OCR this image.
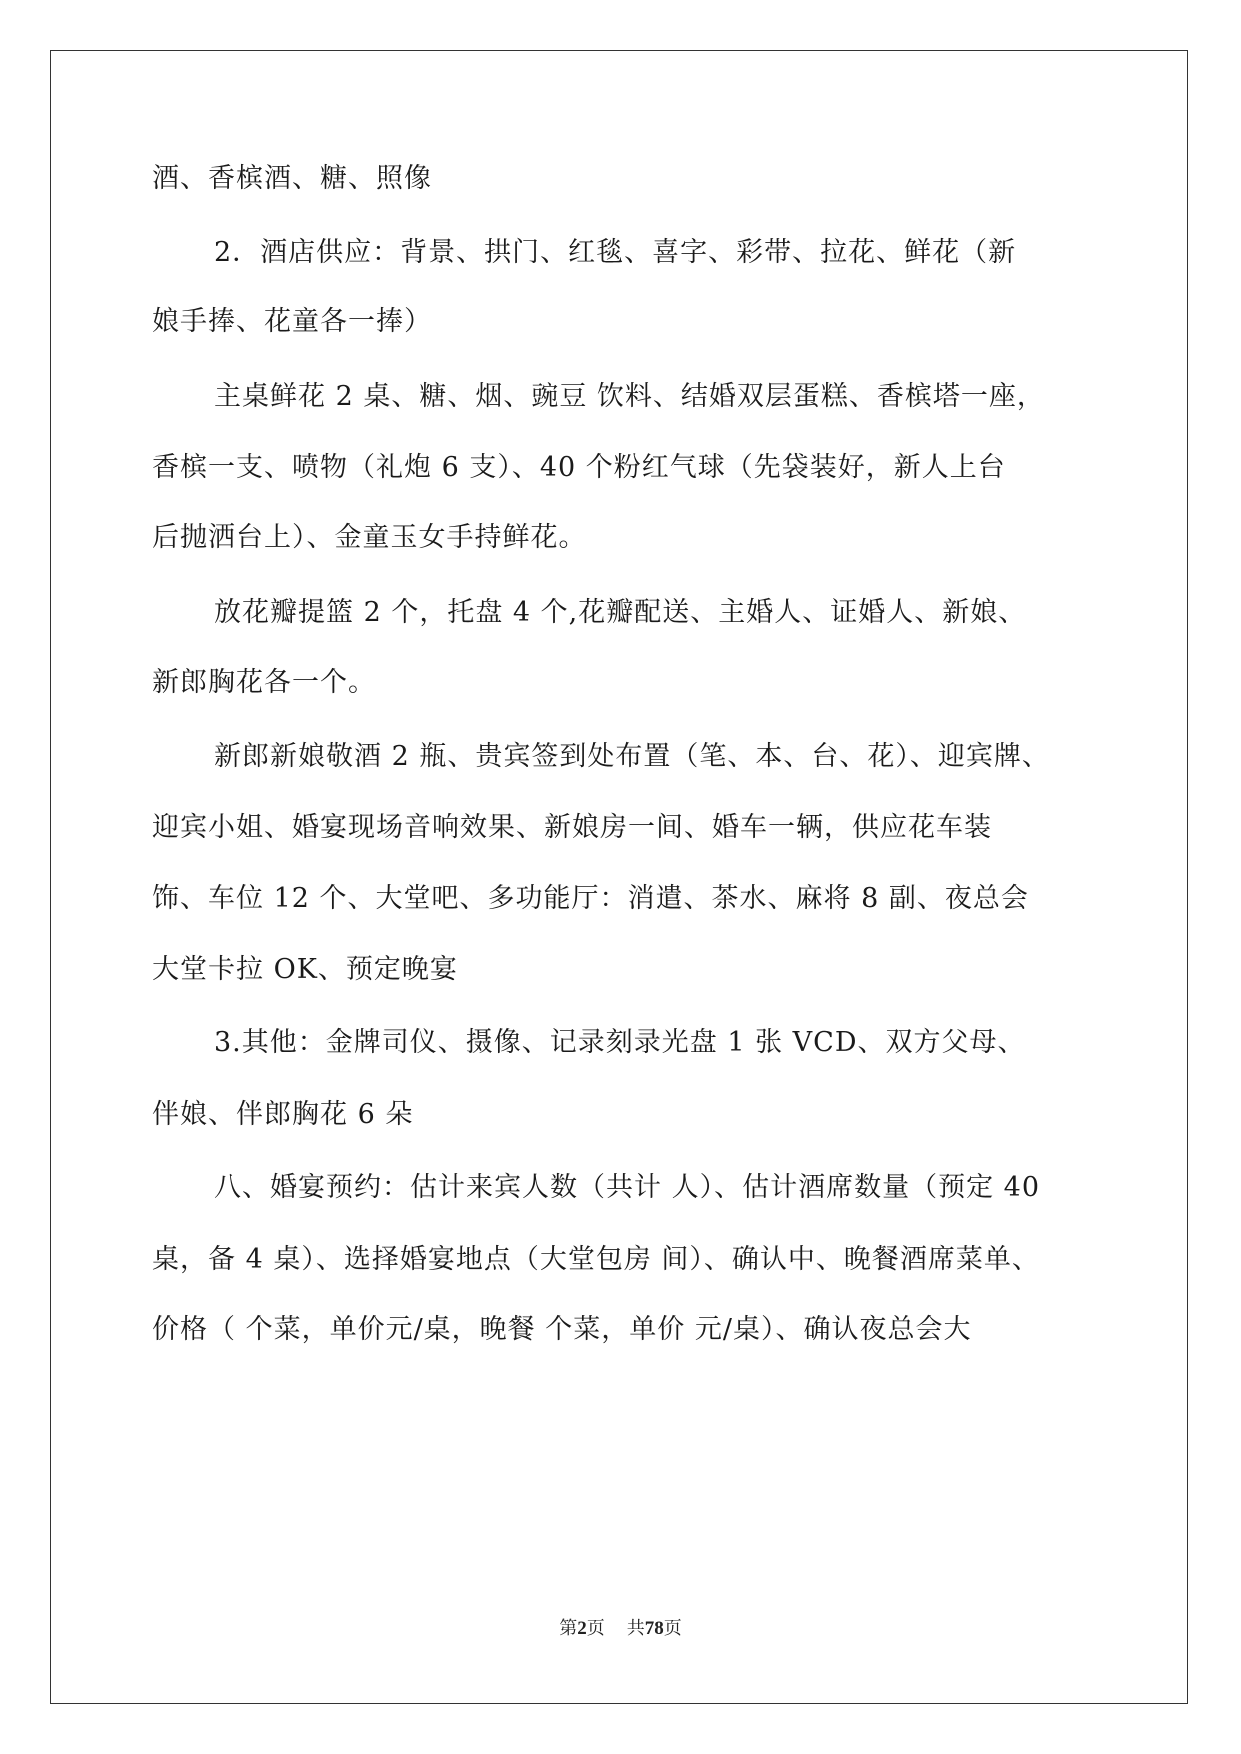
酒、香槟酒、糖、照像
2．酒店供应：背景、拱门、红毯、喜字、彩带、拉花、鲜花（新
娘手捧、花童各一捧）
主桌鲜花 2 桌、糖、烟、豌豆 饮料、结婚双层蛋糕、香槟塔一座，
香槟一支、喷物（礼炮 6 支）、40 个粉红气球（先袋装好，新人上台
后抛洒台上）、金童玉女手持鲜花。
放花瓣提篮 2 个，托盘 4 个,花瓣配送、主婚人、证婚人、新娘、
新郎胸花各一个。
新郎新娘敬酒 2 瓶、贵宾签到处布置（笔、本、台、花）、迎宾牌、
迎宾小姐、婚宴现场音响效果、新娘房一间、婚车一辆，供应花车装
饰、车位 12 个、大堂吧、多功能厅：消遣、茶水、麻将 8 副、夜总会
大堂卡拉 OK、预定晚宴
3.其他：金牌司仪、摄像、记录刻录光盘 1 张 VCD、双方父母、
伴娘、伴郎胸花 6 朵
八、婚宴预约：估计来宾人数（共计 人）、估计酒席数量（预定 40
桌，备 4 桌）、选择婚宴地点（大堂包房 间）、确认中、晚餐酒席菜单、
价格（ 个菜，单价元/桌，晚餐 个菜，单价 元/桌）、确认夜总会大
第2页 共78页
